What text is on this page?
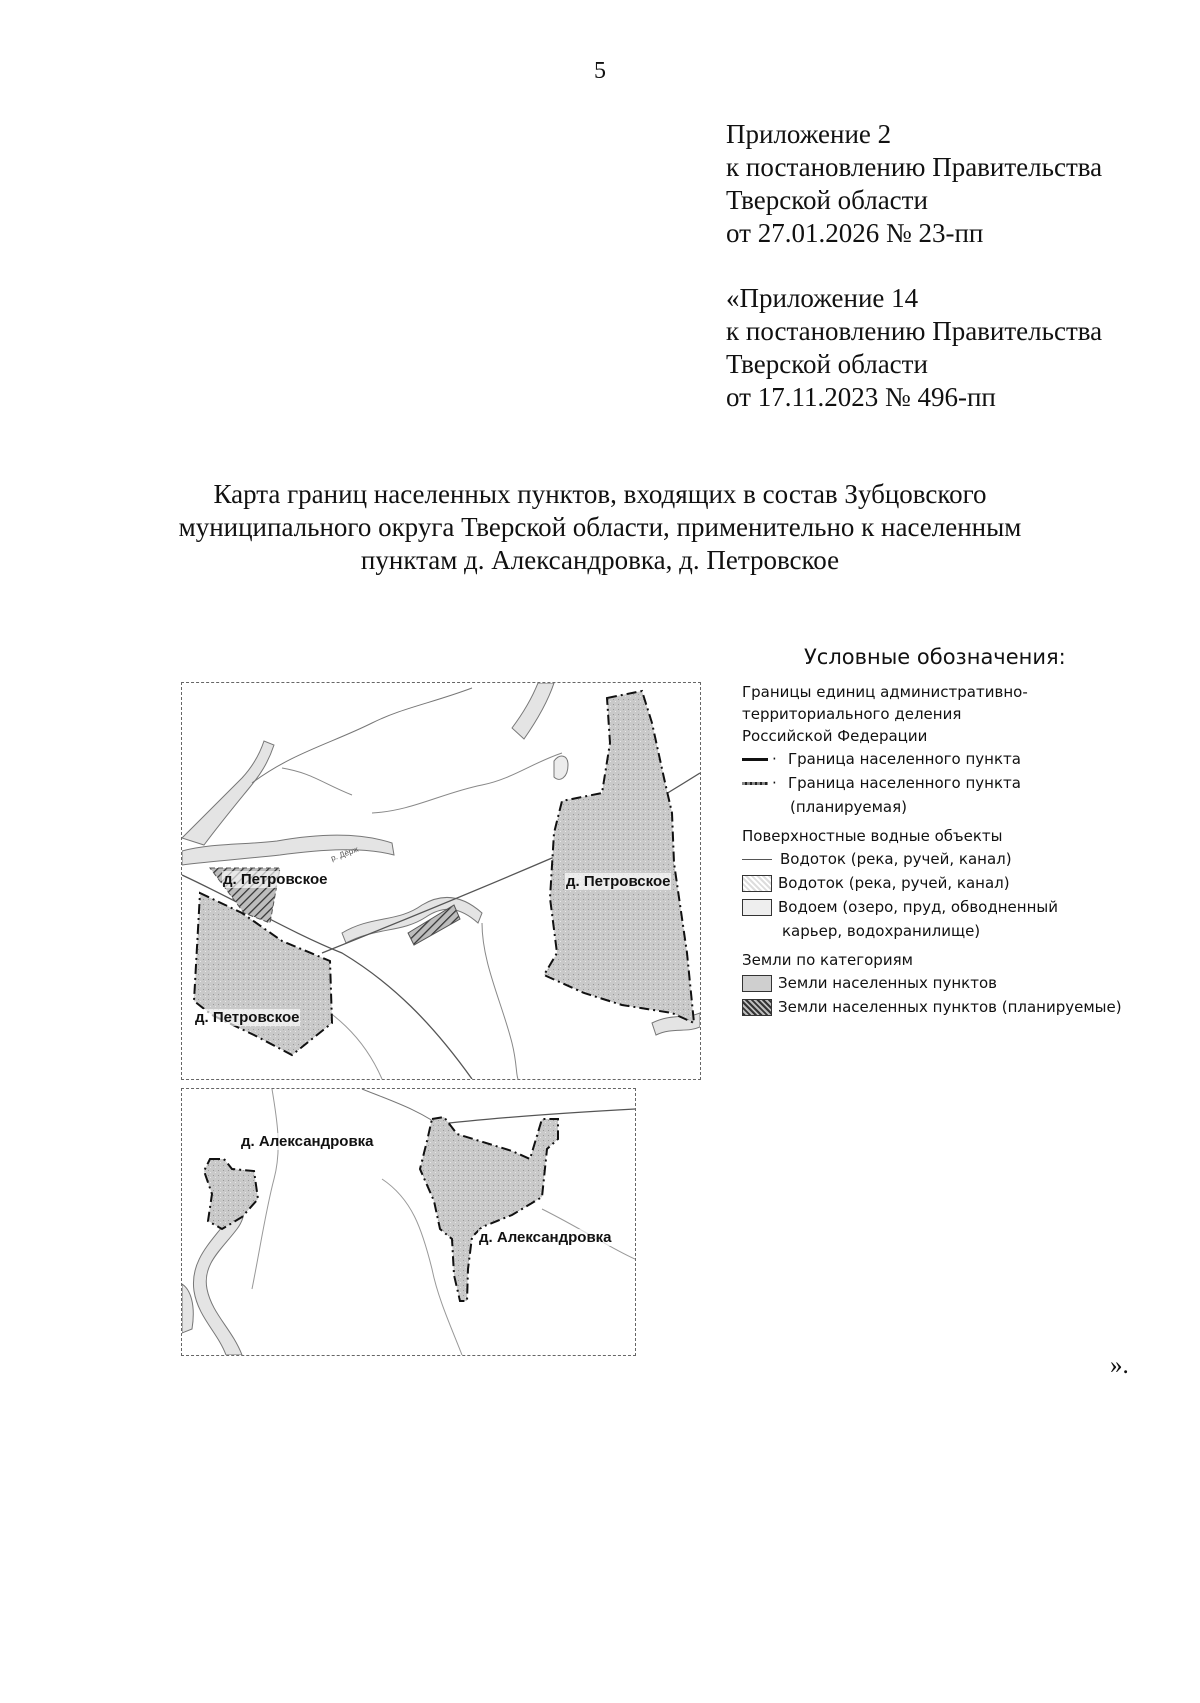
5
Приложение 2
к постановлению Правительства
Тверской области
от 27.01.2026 № 23-пп
«Приложение 14
к постановлению Правительства
Тверской области
от 17.11.2023 № 496-пп
Карта границ населенных пунктов, входящих в состав Зубцовского
муниципального округа Тверской области, применительно к населенным
пунктам д. Александровка, д. Петровское
р. Дёрж
д. Петровское
д. Петровское
д. Петровское
д. Александровка
д. Александровка
Условные обозначения:
Границы единиц административно-
территориального деления
Российской Федерации
· Граница населенного пункта
· Граница населенного пункта
(планируемая)
Поверхностные водные объекты
Водоток (река, ручей, канал)
Водоток (река, ручей, канал)
Водоем (озеро, пруд, обводненный
карьер, водохранилище)
Земли по категориям
Земли населенных пунктов
Земли населенных пунктов (планируемые)
».
